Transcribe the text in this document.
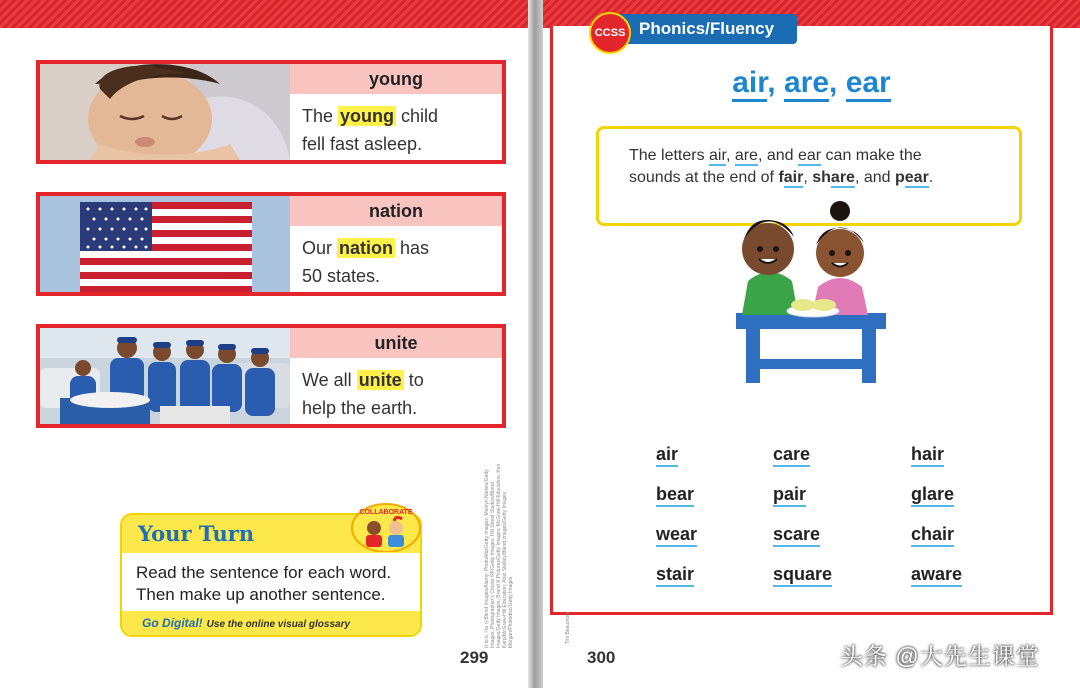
young
The young child
fell fast asleep.
nation
Our nation has
50 states.
unite
We all unite to
help the earth.
Your Turn
Read the sentence for each word.
Then make up another sentence.
Go Digital! Use the online visual glossary
COLLABORATE	(t to b, l to r) Blend Images/Alamy; PhotoAlto/Getty Images; Marilyn Nieves/Getty Images; Photographer's Choice RF/Getty Images; Hill Street Studios/Blend Images/Getty Images; Brand X Pictures/Getty Images; McGraw-Hill Education; Ken Karp/McGraw-Hill Education; Ariel Skelley/Blend Images/Getty Images; Morgan/Photodisc/Getty Images
299
CCSS Phonics/Fluency
air, are, ear
The letters air, are, and ear can make the
sounds at the end of fair, share, and pear.
air
bear
wear
stair
care
pair
scare
square
hair
glare
chair
aware
Tim Beaumont
300	头条 @大先生课堂
